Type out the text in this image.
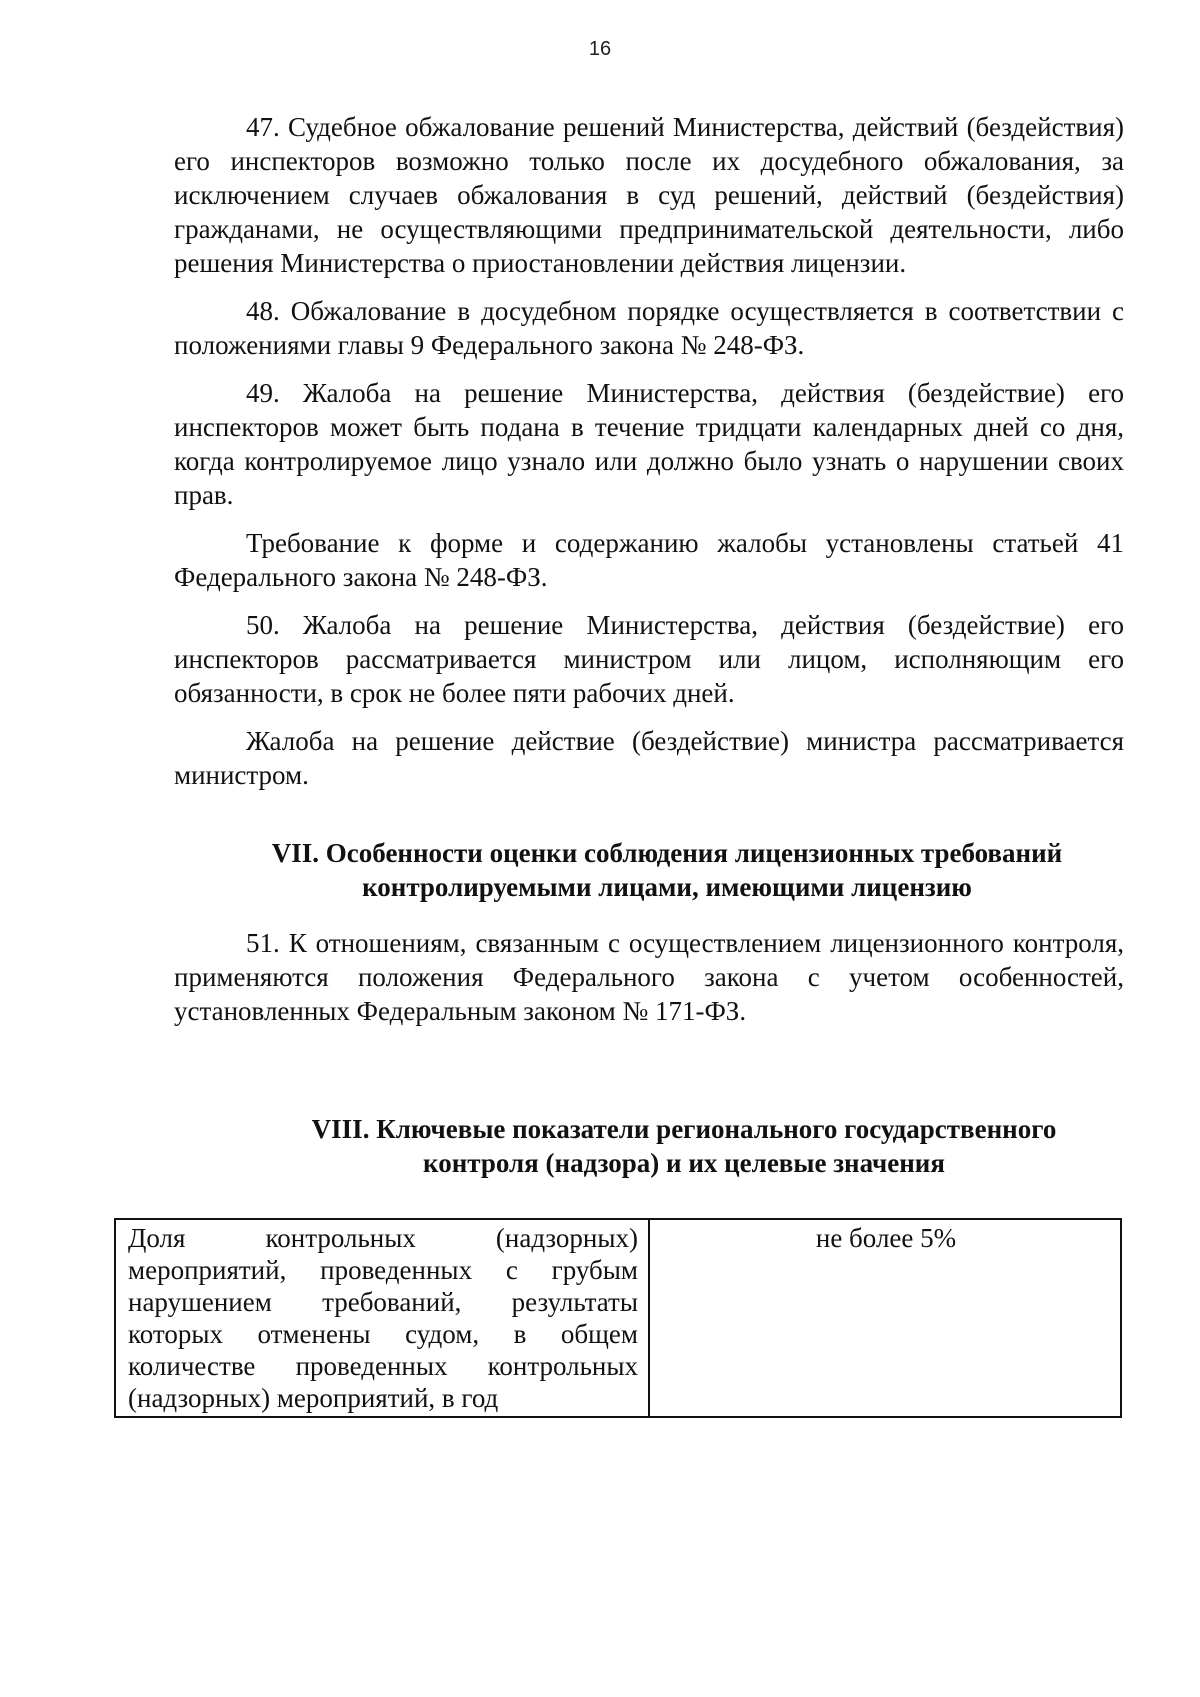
16

47. Судебное обжалование решений Министерства, действий (бездействия) его инспекторов возможно только после их досудебного обжалования, за исключением случаев обжалования в суд решений, действий (бездействия) гражданами, не осуществляющими предпринимательской деятельности, либо решения Министерства о приостановлении действия лицензии.

48. Обжалование в досудебном порядке осуществляется в соответствии с положениями главы 9 Федерального закона № 248-ФЗ.

49. Жалоба на решение Министерства, действия (бездействие) его инспекторов может быть подана в течение тридцати календарных дней со дня, когда контролируемое лицо узнало или должно было узнать о нарушении своих прав.

Требование к форме и содержанию жалобы установлены статьей 41 Федерального закона № 248-ФЗ.

50. Жалоба на решение Министерства, действия (бездействие) его инспекторов рассматривается министром или лицом, исполняющим его обязанности, в срок не более пяти рабочих дней.

Жалоба на решение действие (бездействие) министра рассматривается министром.

VII. Особенности оценки соблюдения лицензионных требований
контролируемыми лицами, имеющими лицензию

51. К отношениям, связанным с осуществлением лицензионного контроля, применяются положения Федерального закона с учетом особенностей, установленных Федеральным законом № 171-ФЗ.

VIII. Ключевые показатели регионального государственного
контроля (надзора) и их целевые значения
Доля контрольных (надзорных) мероприятий, проведенных с грубым нарушением требований, результаты которых отменены судом, в общем количестве проведенных контрольных (надзорных) мероприятий, в год	не более 5%
